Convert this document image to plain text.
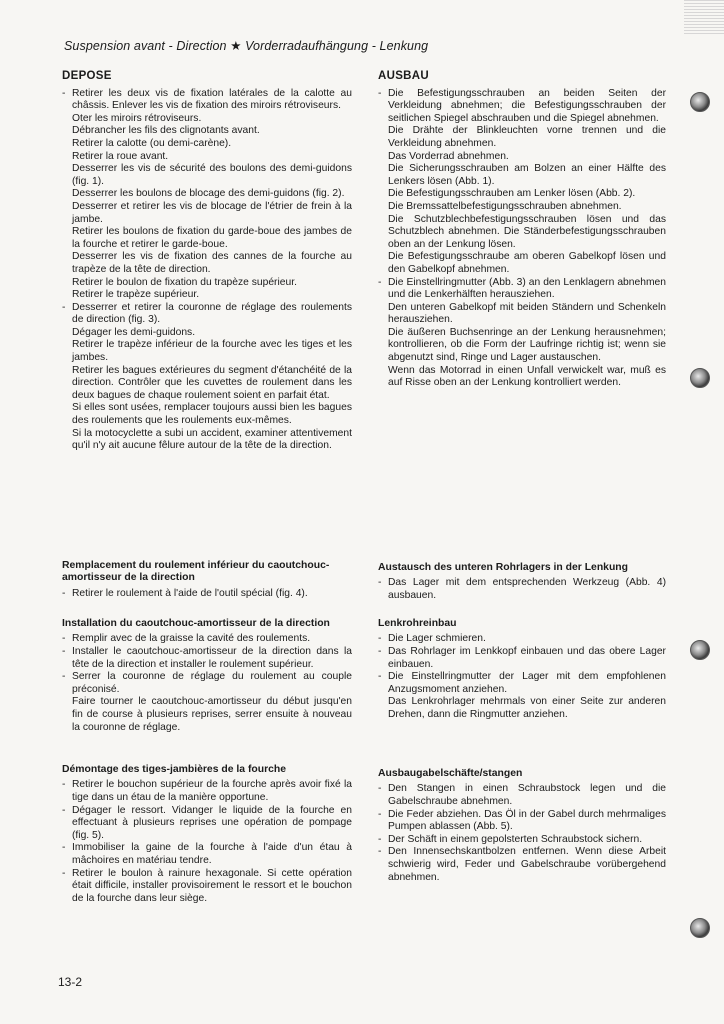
Suspension avant - Direction ★ Vorderradaufhängung - Lenkung
DEPOSE
- Retirer les deux vis de fixation latérales de la calotte au châssis. Enlever les vis de fixation des miroirs rétroviseurs.
Oter les miroirs rétroviseurs.
Débrancher les fils des clignotants avant.
Retirer la calotte (ou demi-carène).
Retirer la roue avant.
Desserrer les vis de sécurité des boulons des demi-guidons (fig. 1).
Desserrer les boulons de blocage des demi-guidons (fig. 2).
Desserrer et retirer les vis de blocage de l'étrier de frein à la jambe.
Retirer les boulons de fixation du garde-boue des jambes de la fourche et retirer le garde-boue.
Desserrer les vis de fixation des cannes de la fourche au trapèze de la tête de direction.
Retirer le boulon de fixation du trapèze supérieur.
Retirer le trapèze supérieur.
- Desserrer et retirer la couronne de réglage des roulements de direction (fig. 3).
Dégager les demi-guidons.
Retirer le trapèze inférieur de la fourche avec les tiges et les jambes.
Retirer les bagues extérieures du segment d'étanchéité de la direction. Contrôler que les cuvettes de roulement dans les deux bagues de chaque roulement soient en parfait état.
Si elles sont usées, remplacer toujours aussi bien les bagues des roulements que les roulements eux-mêmes.
Si la motocyclette a subi un accident, examiner attentivement qu'il n'y ait aucune fêlure autour de la tête de la direction.
Remplacement du roulement inférieur du caoutchouc-amortisseur de la direction
- Retirer le roulement à l'aide de l'outil spécial (fig. 4).
Installation du caoutchouc-amortisseur de la direction
- Remplir avec de la graisse la cavité des roulements.
- Installer le caoutchouc-amortisseur de la direction dans la tête de la direction et installer le roulement supérieur.
- Serrer la couronne de réglage du roulement au couple préconisé.
Faire tourner le caoutchouc-amortisseur du début jusqu'en fin de course à plusieurs reprises, serrer ensuite à nouveau la couronne de réglage.
Démontage des tiges-jambières de la fourche
- Retirer le bouchon supérieur de la fourche après avoir fixé la tige dans un étau de la manière opportune.
- Dégager le ressort. Vidanger le liquide de la fourche en effectuant à plusieurs reprises une opération de pompage (fig. 5).
- Immobiliser la gaine de la fourche à l'aide d'un étau à mâchoires en matériau tendre.
- Retirer le boulon à rainure hexagonale. Si cette opération était difficile, installer provisoirement le ressort et le bouchon de la fourche dans leur siège.
AUSBAU
- Die Befestigungsschrauben an beiden Seiten der Verkleidung abnehmen; die Befestigungsschrauben der seitlichen Spiegel abschrauben und die Spiegel abnehmen.
Die Drähte der Blinkleuchten vorne trennen und die Verkleidung abnehmen.
Das Vorderrad abnehmen.
Die Sicherungsschrauben am Bolzen an einer Hälfte des Lenkers lösen (Abb. 1).
Die Befestigungsschrauben am Lenker lösen (Abb. 2).
Die Bremssattelbefestigungsschrauben abnehmen.
Die Schutzblechbefestigungsschrauben lösen und das Schutzblech abnehmen. Die Ständerbefestigungsschrauben oben an der Lenkung lösen.
Die Befestigungsschraube am oberen Gabelkopf lösen und den Gabelkopf abnehmen.
- Die Einstellringmutter (Abb. 3) an den Lenklagern abnehmen und die Lenkerhälften herausziehen.
Den unteren Gabelkopf mit beiden Ständern und Schenkeln herausziehen.
Die äußeren Buchsenringe an der Lenkung herausnehmen; kontrollieren, ob die Form der Laufringe richtig ist; wenn sie abgenutzt sind, Ringe und Lager austauschen.
Wenn das Motorrad in einen Unfall verwickelt war, muß es auf Risse oben an der Lenkung kontrolliert werden.
Austausch des unteren Rohrlagers in der Lenkung
- Das Lager mit dem entsprechenden Werkzeug (Abb. 4) ausbauen.
Lenkrohreinbau
- Die Lager schmieren.
- Das Rohrlager im Lenkkopf einbauen und das obere Lager einbauen.
- Die Einstellringmutter der Lager mit dem empfohlenen Anzugsmoment anziehen.
Das Lenkrohrlager mehrmals von einer Seite zur anderen Drehen, dann die Ringmutter anziehen.
Ausbaugabelschäfte/stangen
- Den Stangen in einen Schraubstock legen und die Gabelschraube abnehmen.
- Die Feder abziehen. Das Öl in der Gabel durch mehrmaliges Pumpen ablassen (Abb. 5).
- Der Schäft in einem gepolsterten Schraubstock sichern.
- Den Innensechskantbolzen entfernen. Wenn diese Arbeit schwierig wird, Feder und Gabelschraube vorübergehend abnehmen.
13-2
